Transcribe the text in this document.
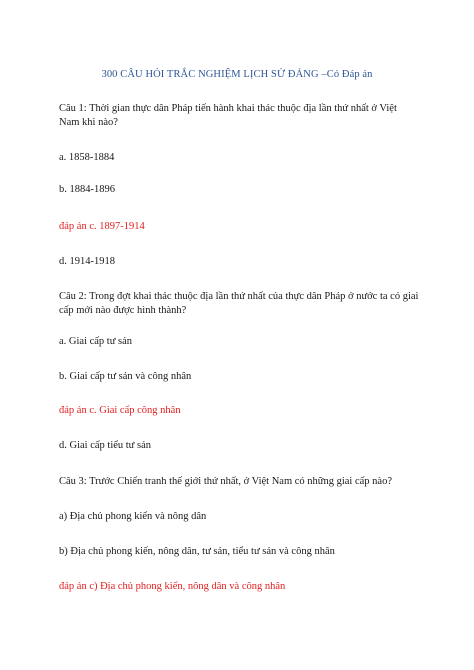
300 CÂU HỎI TRẮC NGHIỆM LỊCH SỬ ĐẢNG –Có Đáp án
Câu 1: Thời gian thực dân Pháp tiến hành khai thác thuộc địa lần thứ nhất ở Việt Nam khi nào?
a. 1858-1884
b. 1884-1896
đáp án c. 1897-1914
d. 1914-1918
Câu 2: Trong đợt khai thác thuộc địa lần thứ nhất của thực dân Pháp ở nước ta có giai cấp mới nào được hình thành?
a. Giai cấp tư sản
b. Giai cấp tư sản và công nhân
đáp án c. Giai cấp công nhân
d. Giai cấp tiểu tư sản
Câu 3: Trước Chiến tranh thế giới thứ nhất, ở Việt Nam có những giai cấp nào?
a) Địa chủ phong kiến và nông dân
b) Địa chủ phong kiến, nông dân, tư sản, tiểu tư sản và công nhân
đáp án c) Địa chủ phong kiến, nông dân và công nhân
